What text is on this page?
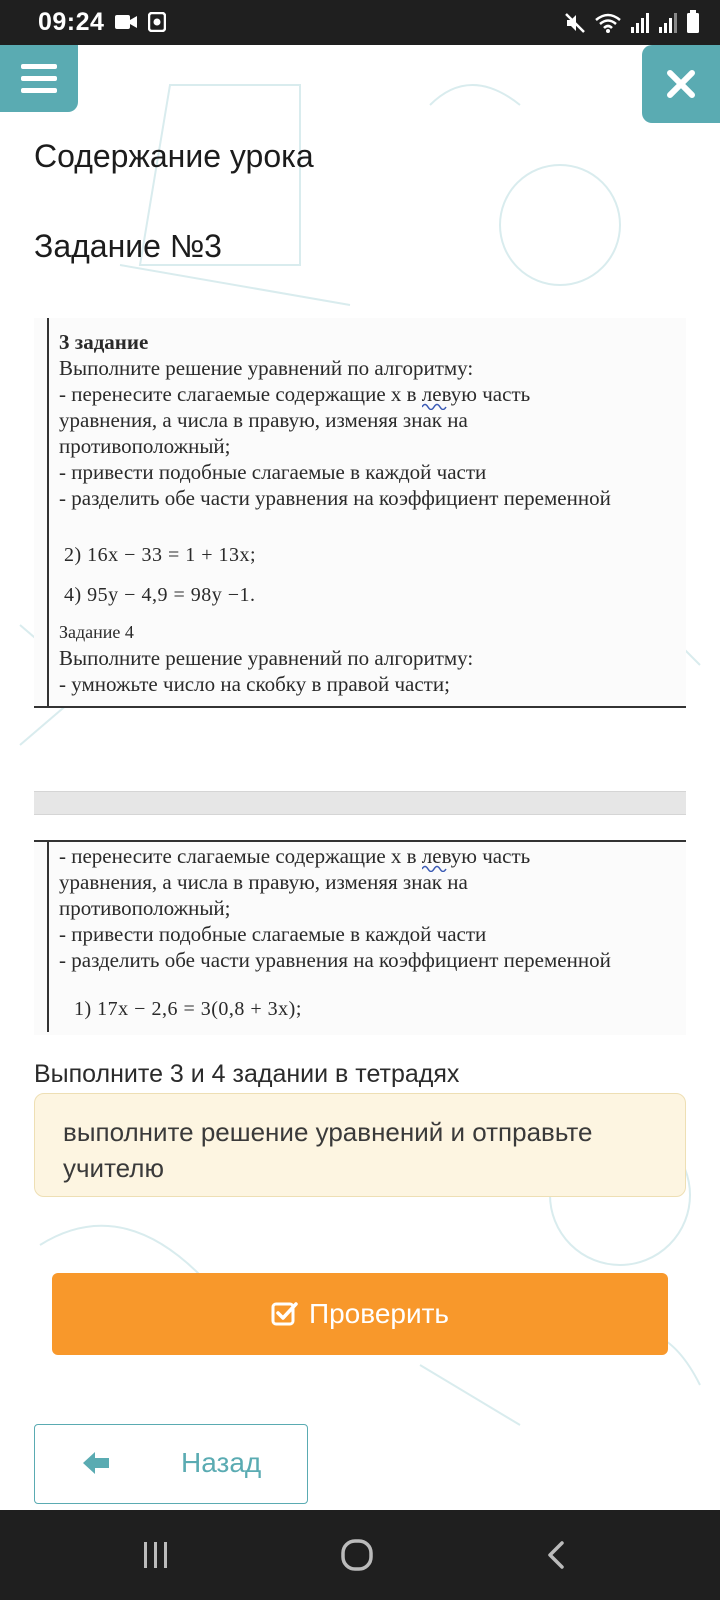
09:24
Содержание урока
Задание №3
3 задание
Выполните решение уравнений по алгоритму:
- перенесите слагаемые содержащие x в левую часть
уравнения, а числа в правую, изменяя знак на
противоположный;
- привести подобные слагаемые в каждой части
- разделить обе части уравнения на коэффициент переменной
2) 16x − 33 = 1 + 13x;
4) 95y − 4,9 = 98y −1.
Задание 4
Выполните решение уравнений по алгоритму:
- умножьте число на скобку в правой части;
- перенесите слагаемые содержащие x в левую часть
уравнения, а числа в правую, изменяя знак на
противоположный;
- привести подобные слагаемые в каждой части
- разделить обе части уравнения на коэффициент переменной
1) 17x − 2,6 = 3(0,8 + 3x);
Выполните 3 и 4 задании в тетрадях
выполните решение уравнений и отправьте учителю
Проверить
Назад
